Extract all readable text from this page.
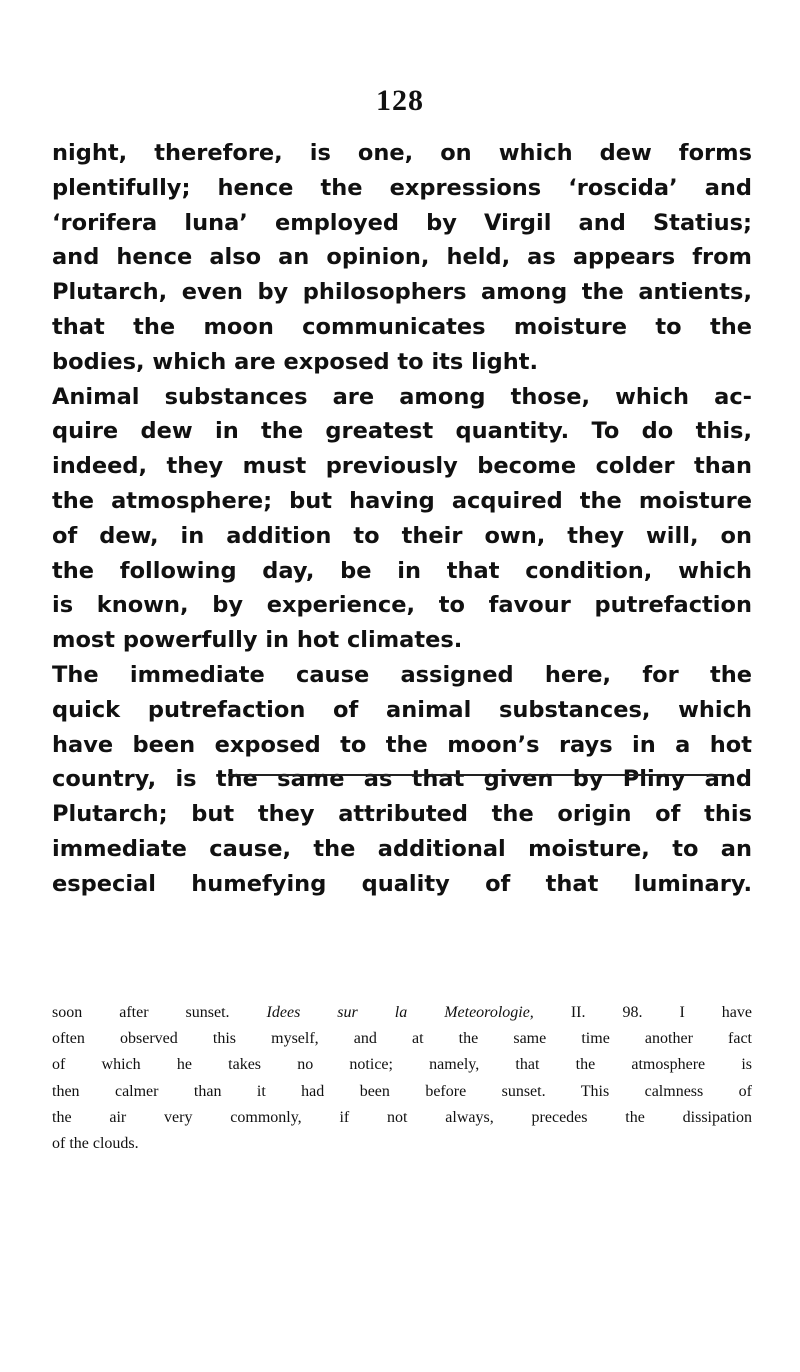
128

night, therefore, is one, on which dew forms
plentifully; hence the expressions ‘roscida’ and
‘rorifera luna’ employed by Virgil and Statius;
and hence also an opinion, held, as appears from
Plutarch, even by philosophers among the antients,
that the moon communicates moisture to the
bodies, which are exposed to its light.

Animal substances are among those, which ac-
quire dew in the greatest quantity. To do this,
indeed, they must previously become colder than
the atmosphere; but having acquired the moisture
of dew, in addition to their own, they will, on
the following day, be in that condition, which
is known, by experience, to favour putrefaction
most powerfully in hot climates.

The immediate cause assigned here, for the
quick putrefaction of animal substances, which
have been exposed to the moon’s rays in a hot
country, is the same as that given by Pliny and
Plutarch; but they attributed the origin of this
immediate cause, the additional moisture, to an
especial humefying quality of that luminary.

soon after sunset. Idees sur la Meteorologie, II. 98. I have
often observed this myself, and at the same time another fact
of which he takes no notice; namely, that the atmosphere is
then calmer than it had been before sunset. This calmness of
the air very commonly, if not always, precedes the dissipation
of the clouds.
